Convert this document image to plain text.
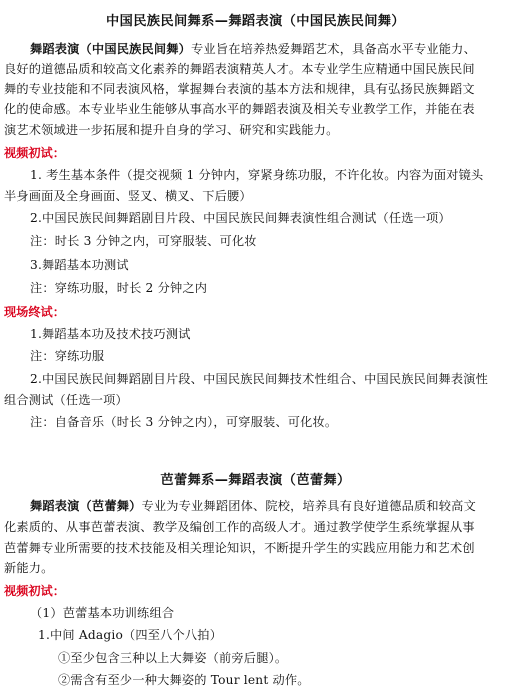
中国民族民间舞系—舞蹈表演（中国民族民间舞）
舞蹈表演（中国民族民间舞）专业旨在培养热爱舞蹈艺术，具备高水平专业能力、
良好的道德品质和较高文化素养的舞蹈表演精英人才。本专业学生应精通中国民族民间
舞的专业技能和不同表演风格，掌握舞台表演的基本方法和规律，具有弘扬民族舞蹈文
化的使命感。本专业毕业生能够从事高水平的舞蹈表演及相关专业教学工作，并能在表
演艺术领域进一步拓展和提升自身的学习、研究和实践能力。
视频初试：
1. 考生基本条件（提交视频 1 分钟内，穿紧身练功服，不许化妆。内容为面对镜头
半身画面及全身画面、竖叉、横叉、下后腰）
2.中国民族民间舞蹈剧目片段、中国民族民间舞表演性组合测试（任选一项）
注：时长 3 分钟之内，可穿服装、可化妆
3.舞蹈基本功测试
注：穿练功服，时长 2 分钟之内
现场终试：
1.舞蹈基本功及技术技巧测试
注：穿练功服
2.中国民族民间舞蹈剧目片段、中国民族民间舞技术性组合、中国民族民间舞表演性
组合测试（任选一项）
注：自备音乐（时长 3 分钟之内），可穿服装、可化妆。
芭蕾舞系—舞蹈表演（芭蕾舞）
舞蹈表演（芭蕾舞）专业为专业舞蹈团体、院校，培养具有良好道德品质和较高文
化素质的、从事芭蕾表演、教学及编创工作的高级人才。通过教学使学生系统掌握从事
芭蕾舞专业所需要的技术技能及相关理论知识，不断提升学生的实践应用能力和艺术创
新能力。
视频初试：
（1）芭蕾基本功训练组合
1.中间 Adagio（四至八个八拍）
①至少包含三种以上大舞姿（前旁后腿）。
②需含有至少一种大舞姿的 Tour lent 动作。
